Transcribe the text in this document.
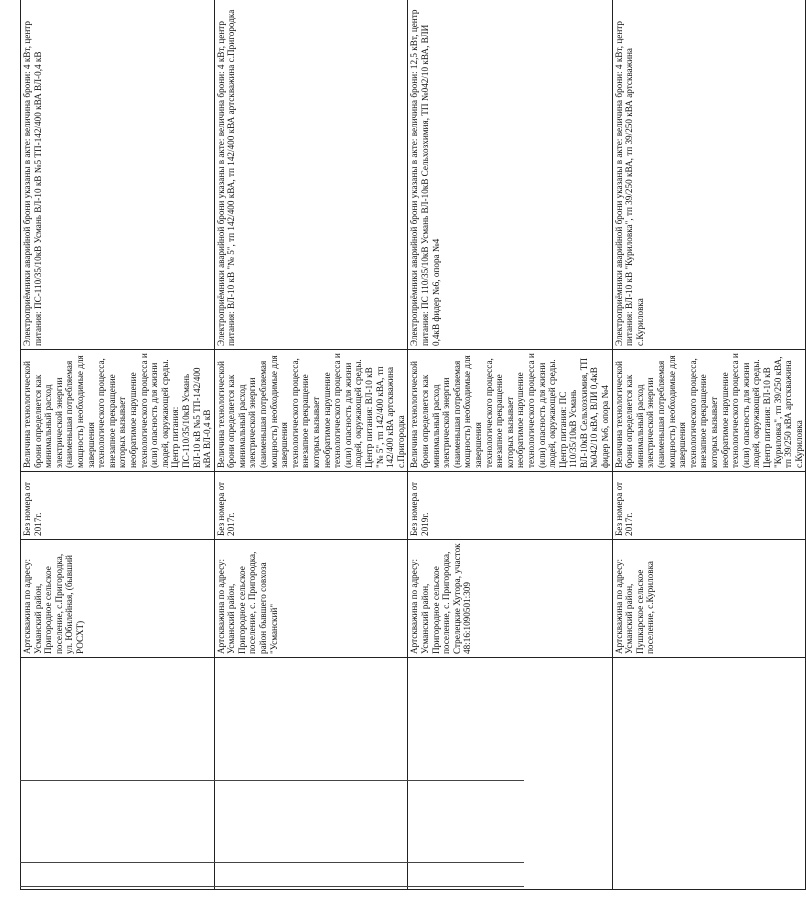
	Артскважина по адресу: Усманский район, Пригородное сельское поселение, с.Пригородка, ул. Юбилейная, (бывший РОСХТ)	Без номера от 2017г.	Величина технологической брони определяется как минимальный расход электрической энергии (наименьшая потребляемая мощность) необходимые для завершения технологического процесса, внезапное прекращение которых вызывает необратимое нарушение технологического процесса и (или) опасность для жизни людей, окружающей среды. Центр питания: ПС-110/35/10кВ Усмань ВЛ-10 кВ №5 ТП-142/400 кВА ВЛ-0,4 кВ	Электроприёмники аварийной брони указаны в акте: величина брони: 4 кВт, центр питания: ПС-110/35/10кВ Усмань ВЛ-10 кВ №5 ТП-142/400 кВА ВЛ-0,4 кВ
	Артскважина по адресу: Усманский район, Пригородное сельское поселение, с. Пригородка, район бывшего совхоза "Усманский"	Без номера от 2017г.	Величина технологической брони определяется как минимальный расход электрической энергии (наименьшая потребляемая мощность) необходимые для завершения технологического процесса, внезапное прекращение которых вызывает необратимое нарушение технологического процесса и (или) опасность для жизни людей, окружающей среды. Центр питания: ВЛ-10 кВ "№ 5", тп 142/400 кВА, тп 142/400 кВА артскважина с.Пригородка	Электроприёмники аварийной брони указаны в акте: величина брони: 4 кВт, центр питания: ВЛ-10 кВ "№ 5", тп 142/400 кВА, тп 142/400 кВА артскважина с.Пригородка
	Артскважина по адресу: Усманский район, Пригородное сельское поселение, с. Пригородка, Стрелецкие Хутора, участок 48:16:1090501:309	Без номера от 2019г.	Величина технологической брони определяется как минимальный расход электрической энергии (наименьшая потребляемая мощность) необходимые для завершения технологического процесса, внезапное прекращение которых вызывает необратимое нарушение технологического процесса и (или) опасность для жизни людей, окружающей среды. Центр питания: ПС 110/35/10кВ Усмань ВЛ-10кВ Сельхозхимия, ТП №042/10 кВА, ВЛИ 0,4кВ фидер №6, опора №4	Электроприёмники аварийной брони указаны в акте: величина брони: 12,5 кВт, центр питания: ПС 110/35/10кВ Усмань ВЛ-10кВ Сельхозхимия, ТП №042/10 кВА, ВЛИ 0,4кВ фидер №6, опора №4
	Артскважина по адресу: Усманский район, Пушкарское сельское поселение, с.Куриловка	Без номера от 2017г.	Величина технологической брони определяется как минимальный расход электрической энергии (наименьшая потребляемая мощность) необходимые для завершения технологического процесса, внезапное прекращение которых вызывает необратимое нарушение технологического процесса и (или) опасность для жизни людей, окружающей среды. Центр питания: ВЛ-10 кВ "Куриловка", тп 39/250 кВА, тп 39/250 кВА артскважина с.Куриловка	Электроприёмники аварийной брони указаны в акте: величина брони: 4 кВт, центр питания: ВЛ-10 кВ "Куриловка", тп 39/250 кВА, тп 39/250 кВА артскважина с.Куриловка
